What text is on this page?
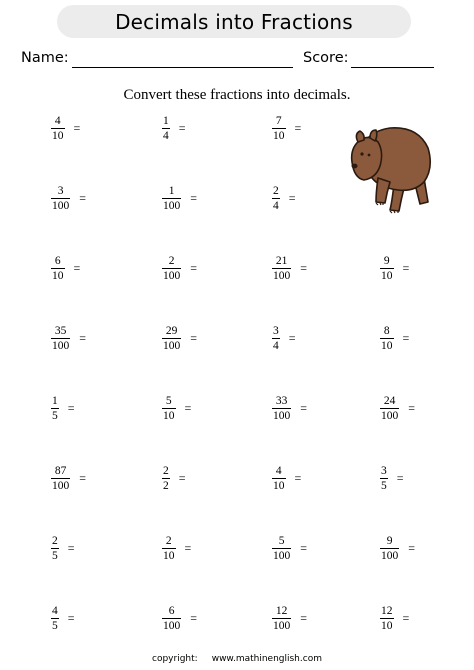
Decimals into Fractions
Name:	Score:
Convert these fractions into decimals.
$\frac{4}{10}$ =	$\frac{1}{4}$ =	$\frac{7}{10}$ =
$\frac{3}{100}$ =	$\frac{1}{100}$ =	$\frac{2}{4}$ =
$\frac{6}{10}$ =	$\frac{2}{100}$ =	$\frac{21}{100}$ =	$\frac{9}{10}$ =
$\frac{35}{100}$ =	$\frac{29}{100}$ =	$\frac{3}{4}$ =	$\frac{8}{10}$ =
$\frac{1}{5}$ =	$\frac{5}{10}$ =	$\frac{33}{100}$ =	$\frac{24}{100}$ =
$\frac{87}{100}$ =	$\frac{2}{2}$ =	$\frac{4}{10}$ =	$\frac{3}{5}$ =
$\frac{2}{5}$ =	$\frac{2}{10}$ =	$\frac{5}{100}$ =	$\frac{9}{100}$ =
$\frac{4}{5}$ =	$\frac{6}{100}$ =	$\frac{12}{100}$ =	$\frac{12}{10}$ =
copyright: www.mathinenglish.com
